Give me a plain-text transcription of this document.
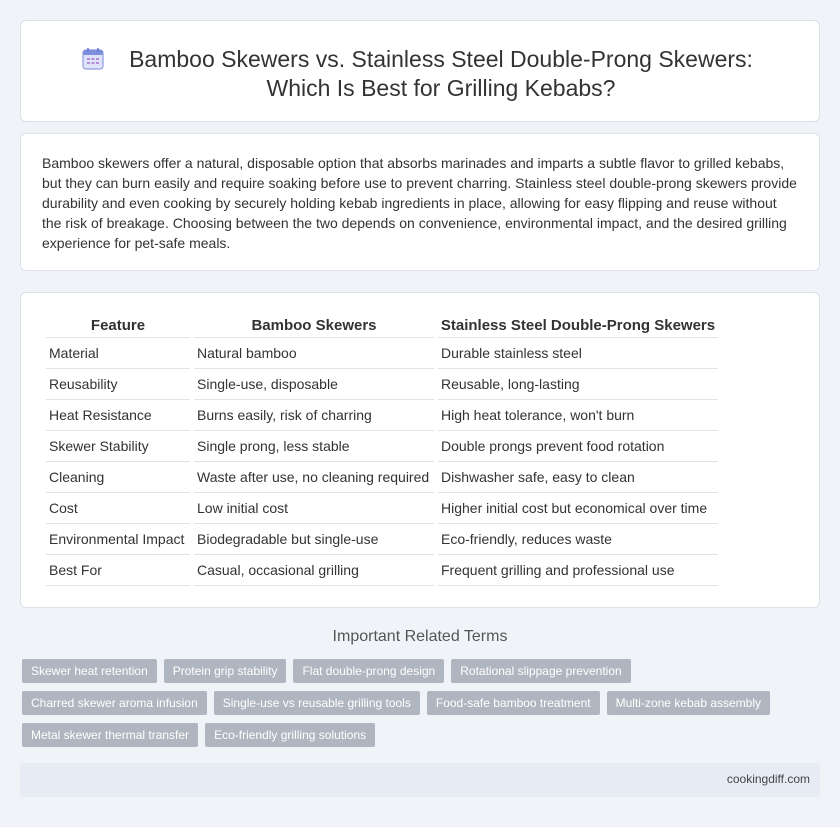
Bamboo Skewers vs. Stainless Steel Double-Prong Skewers: Which Is Best for Grilling Kebabs?

Bamboo skewers offer a natural, disposable option that absorbs marinades and imparts a subtle flavor to grilled kebabs, but they can burn easily and require soaking before use to prevent charring. Stainless steel double-prong skewers provide durability and even cooking by securely holding kebab ingredients in place, allowing for easy flipping and reuse without the risk of breakage. Choosing between the two depends on convenience, environmental impact, and the desired grilling experience for pet-safe meals.

Feature	Bamboo Skewers	Stainless Steel Double-Prong Skewers
Material	Natural bamboo	Durable stainless steel
Reusability	Single-use, disposable	Reusable, long-lasting
Heat Resistance	Burns easily, risk of charring	High heat tolerance, won't burn
Skewer Stability	Single prong, less stable	Double prongs prevent food rotation
Cleaning	Waste after use, no cleaning required	Dishwasher safe, easy to clean
Cost	Low initial cost	Higher initial cost but economical over time
Environmental Impact	Biodegradable but single-use	Eco-friendly, reduces waste
Best For	Casual, occasional grilling	Frequent grilling and professional use
Important Related Terms
Skewer heat retention	Protein grip stability	Flat double-prong design	Rotational slippage prevention
Charred skewer aroma infusion	Single-use vs reusable grilling tools	Food-safe bamboo treatment	Multi-zone kebab assembly
Metal skewer thermal transfer	Eco-friendly grilling solutions
cookingdiff.com
